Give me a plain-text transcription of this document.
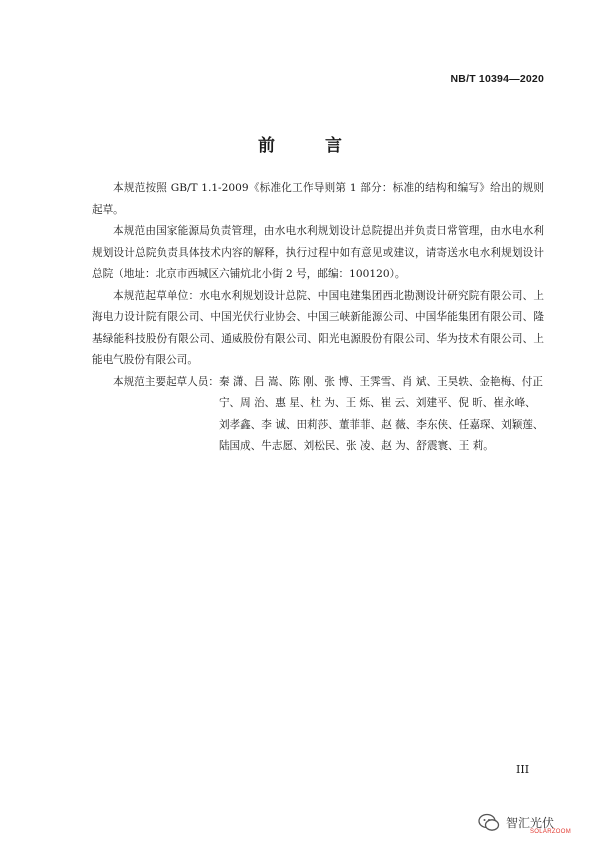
NB/T 10394—2020
前 言

本规范按照 GB/T 1.1-2009《标准化工作导则第 1 部分：标准的结构和编写》给出的规则起草。

本规范由国家能源局负责管理，由水电水利规划设计总院提出并负责日常管理，由水电水利规划设计总院负责具体技术内容的解释，执行过程中如有意见或建议，请寄送水电水利规划设计总院（地址：北京市西城区六铺炕北小街 2 号，邮编：100120）。

本规范起草单位：水电水利规划设计总院、中国电建集团西北勘测设计研究院有限公司、上海电力设计院有限公司、中国光伏行业协会、中国三峡新能源公司、中国华能集团有限公司、隆基绿能科技股份有限公司、通威股份有限公司、阳光电源股份有限公司、华为技术有限公司、上能电气股份有限公司。

本规范主要起草人员： 秦 潇、吕 嵩、陈 刚、张 博、王霁雪、肖 斌、王昊轶、金艳梅、付正宁、周 治、惠 星、杜 为、王 烁、崔 云、刘建平、倪 昕、崔永峰、刘孝鑫、李 诚、田莉莎、董菲菲、赵 薇、李东侠、任嘉琛、刘颖莲、陆国成、牛志愿、刘松民、张 凌、赵 为、舒震寰、王 莉。
III
智汇光伏
SOLARZOOM
